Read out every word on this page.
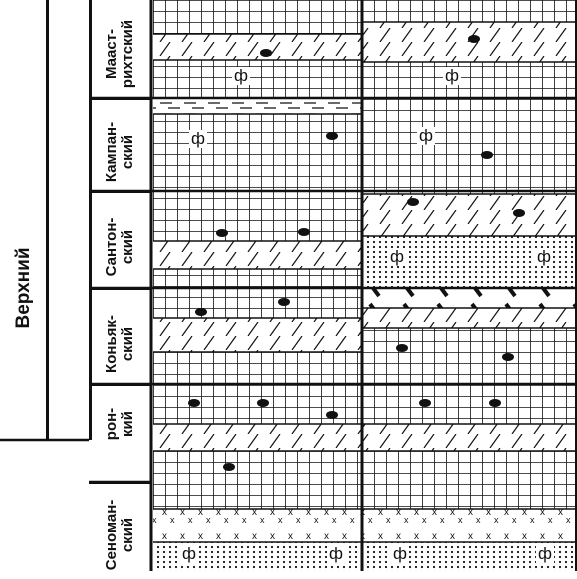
Верхний
Мааст-
рихтский
Кампан-
ский
Сантон-
ский
Коньяк-
ский
рон-
кий
Сеноман-
ский
ф	ф
ф	ф
ф	ф
ф	ф	ф	ф
